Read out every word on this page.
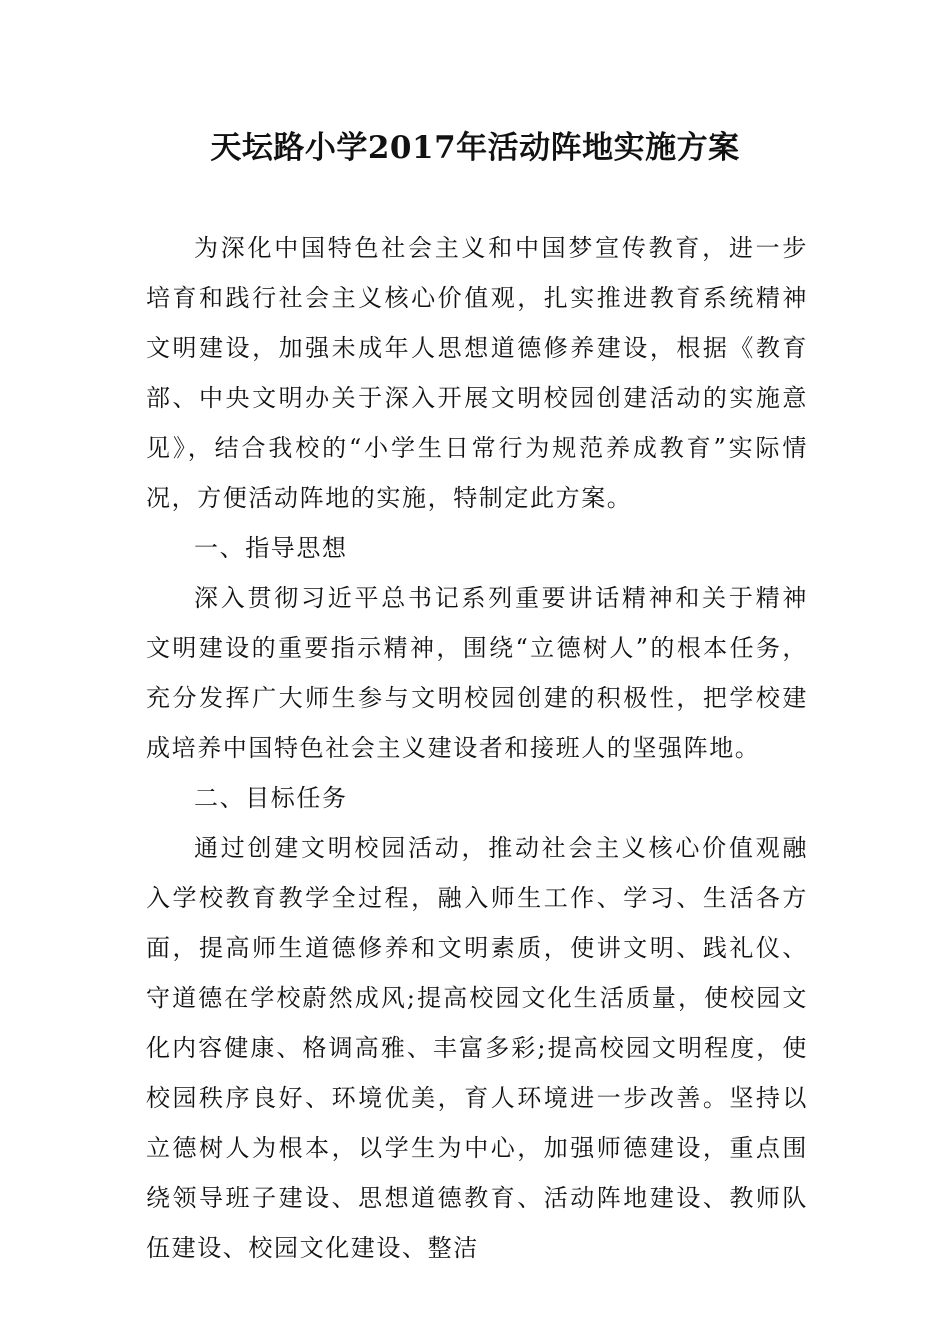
天坛路小学2017年活动阵地实施方案

为深化中国特色社会主义和中国梦宣传教育，进一步培育和践行社会主义核心价值观，扎实推进教育系统精神文明建设，加强未成年人思想道德修养建设，根据《教育部、中央文明办关于深入开展文明校园创建活动的实施意见》，结合我校的“小学生日常行为规范养成教育”实际情况，方便活动阵地的实施，特制定此方案。

一、指导思想

深入贯彻习近平总书记系列重要讲话精神和关于精神文明建设的重要指示精神，围绕“立德树人”的根本任务，充分发挥广大师生参与文明校园创建的积极性，把学校建成培养中国特色社会主义建设者和接班人的坚强阵地。

二、目标任务

通过创建文明校园活动，推动社会主义核心价值观融入学校教育教学全过程，融入师生工作、学习、生活各方面，提高师生道德修养和文明素质，使讲文明、践礼仪、守道德在学校蔚然成风;提高校园文化生活质量，使校园文化内容健康、格调高雅、丰富多彩;提高校园文明程度，使校园秩序良好、环境优美，育人环境进一步改善。坚持以立德树人为根本，以学生为中心，加强师德建设，重点围绕领导班子建设、思想道德教育、活动阵地建设、教师队伍建设、校园文化建设、整洁
